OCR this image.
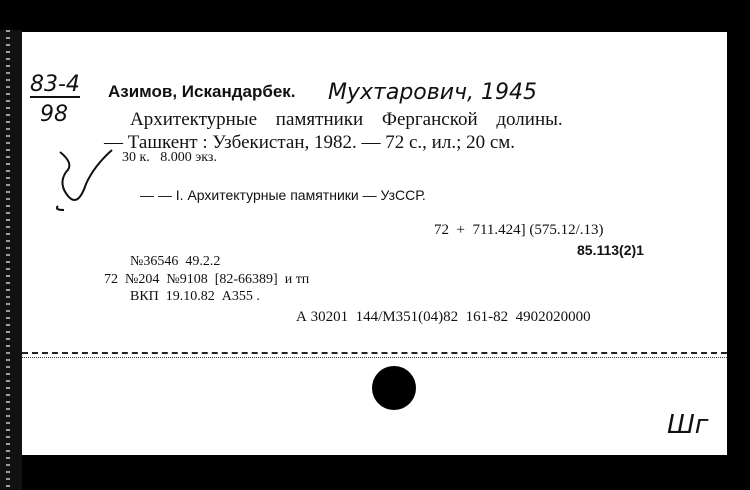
83-4
98
Азимов, Искандарбек. Мухтарович, 1945
Архитектурные памятники Ферганской долины.
— Ташкент : Узбекистан, 1982. — 72 с., ил.; 20 см.
30 к.   8.000 экз.
— — I. Архитектурные памятники — УзССР.
72  +  711.424] (575.12/.13)
85.113(2)1
№36546  49.2.2
72  №204  №9108  [82-66389]  и тп
ВКП  19.10.82  А355 .
А 30201  144/М351(04)82  161-82  4902020000
Шг
